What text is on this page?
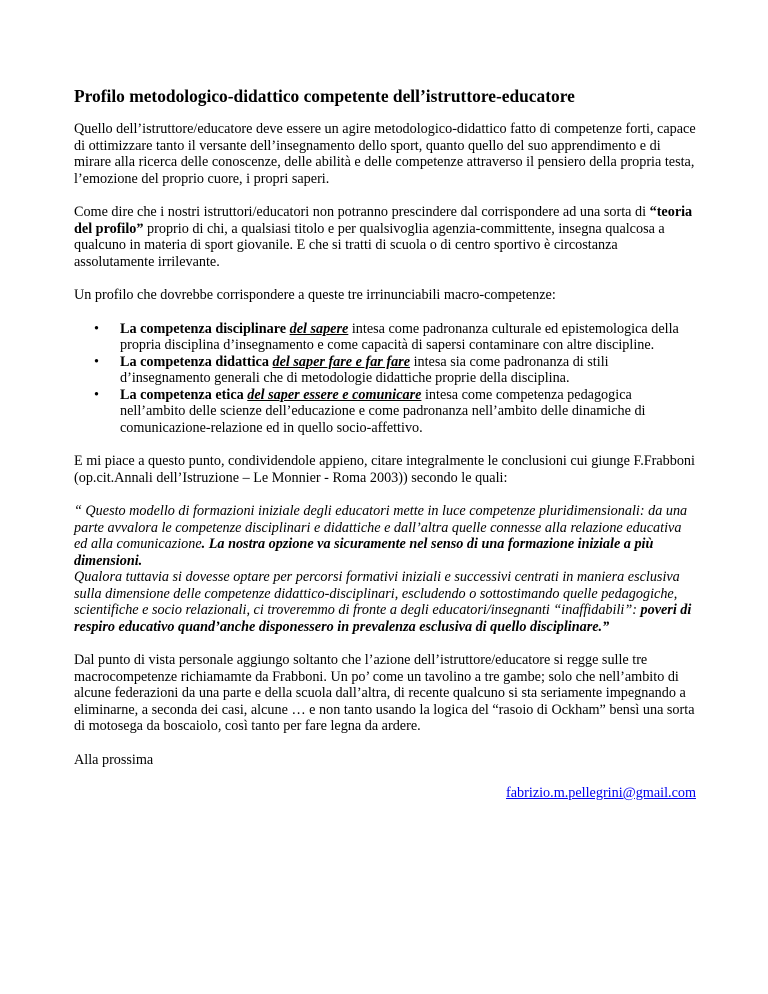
Profilo metodologico-didattico competente dell’istruttore-educatore

Quello dell’istruttore/educatore deve essere un agire metodologico-didattico fatto di competenze forti, capace di ottimizzare tanto il versante dell’insegnamento dello sport, quanto quello del suo apprendimento e di mirare alla ricerca delle conoscenze, delle abilità e delle competenze attraverso il pensiero della propria testa, l’emozione del proprio cuore, i propri saperi.

Come dire che i nostri istruttori/educatori non potranno prescindere dal corrispondere ad una sorta di “teoria del profilo” proprio di chi, a qualsiasi titolo e per qualsivoglia agenzia-committente, insegna qualcosa a qualcuno in materia di sport giovanile. E che si tratti di scuola o di centro sportivo è circostanza assolutamente irrilevante.

Un profilo che dovrebbe corrispondere a queste tre irrinunciabili macro-competenze:

• La competenza disciplinare del sapere intesa come padronanza culturale ed epistemologica della propria disciplina d’insegnamento e come capacità di sapersi contaminare con altre discipline.
• La competenza didattica del saper fare e far fare intesa sia come padronanza di stili d’insegnamento generali che di metodologie didattiche proprie della disciplina.
• La competenza etica del saper essere e comunicare intesa come competenza pedagogica nell’ambito delle scienze dell’educazione e come padronanza nell’ambito delle dinamiche di comunicazione-relazione ed in quello socio-affettivo.

E mi piace a questo punto, condividendole appieno, citare integralmente le conclusioni cui giunge F.Frabboni (op.cit.Annali dell’Istruzione – Le Monnier - Roma 2003)) secondo le quali:

“ Questo modello di formazioni iniziale degli educatori mette in luce competenze pluridimensionali: da una parte avvalora le competenze disciplinari e didattiche e dall’altra quelle connesse alla relazione educativa ed alla comunicazione. La nostra opzione va sicuramente nel senso di una formazione iniziale a più dimensioni.
Qualora tuttavia si dovesse optare per percorsi formativi iniziali e successivi centrati in maniera esclusiva sulla dimensione delle competenze didattico-disciplinari, escludendo o sottostimando quelle pedagogiche, scientifiche e socio relazionali, ci troveremmo di fronte a degli educatori/insegnanti “inaffidabili”: poveri di respiro educativo quand’anche disponessero in prevalenza esclusiva di quello disciplinare.”

Dal punto di vista personale aggiungo soltanto che l’azione dell’istruttore/educatore si regge sulle tre macrocompetenze richiamamte da Frabboni. Un po’ come un tavolino a tre gambe; solo che nell’ambito di alcune federazioni da una parte e della scuola dall’altra, di recente qualcuno si sta seriamente impegnando a eliminarne, a seconda dei casi, alcune … e non tanto usando la logica del “rasoio di Ockham” bensì una sorta di motosega da boscaiolo, così tanto per fare legna da ardere.

Alla prossima

fabrizio.m.pellegrini@gmail.com
